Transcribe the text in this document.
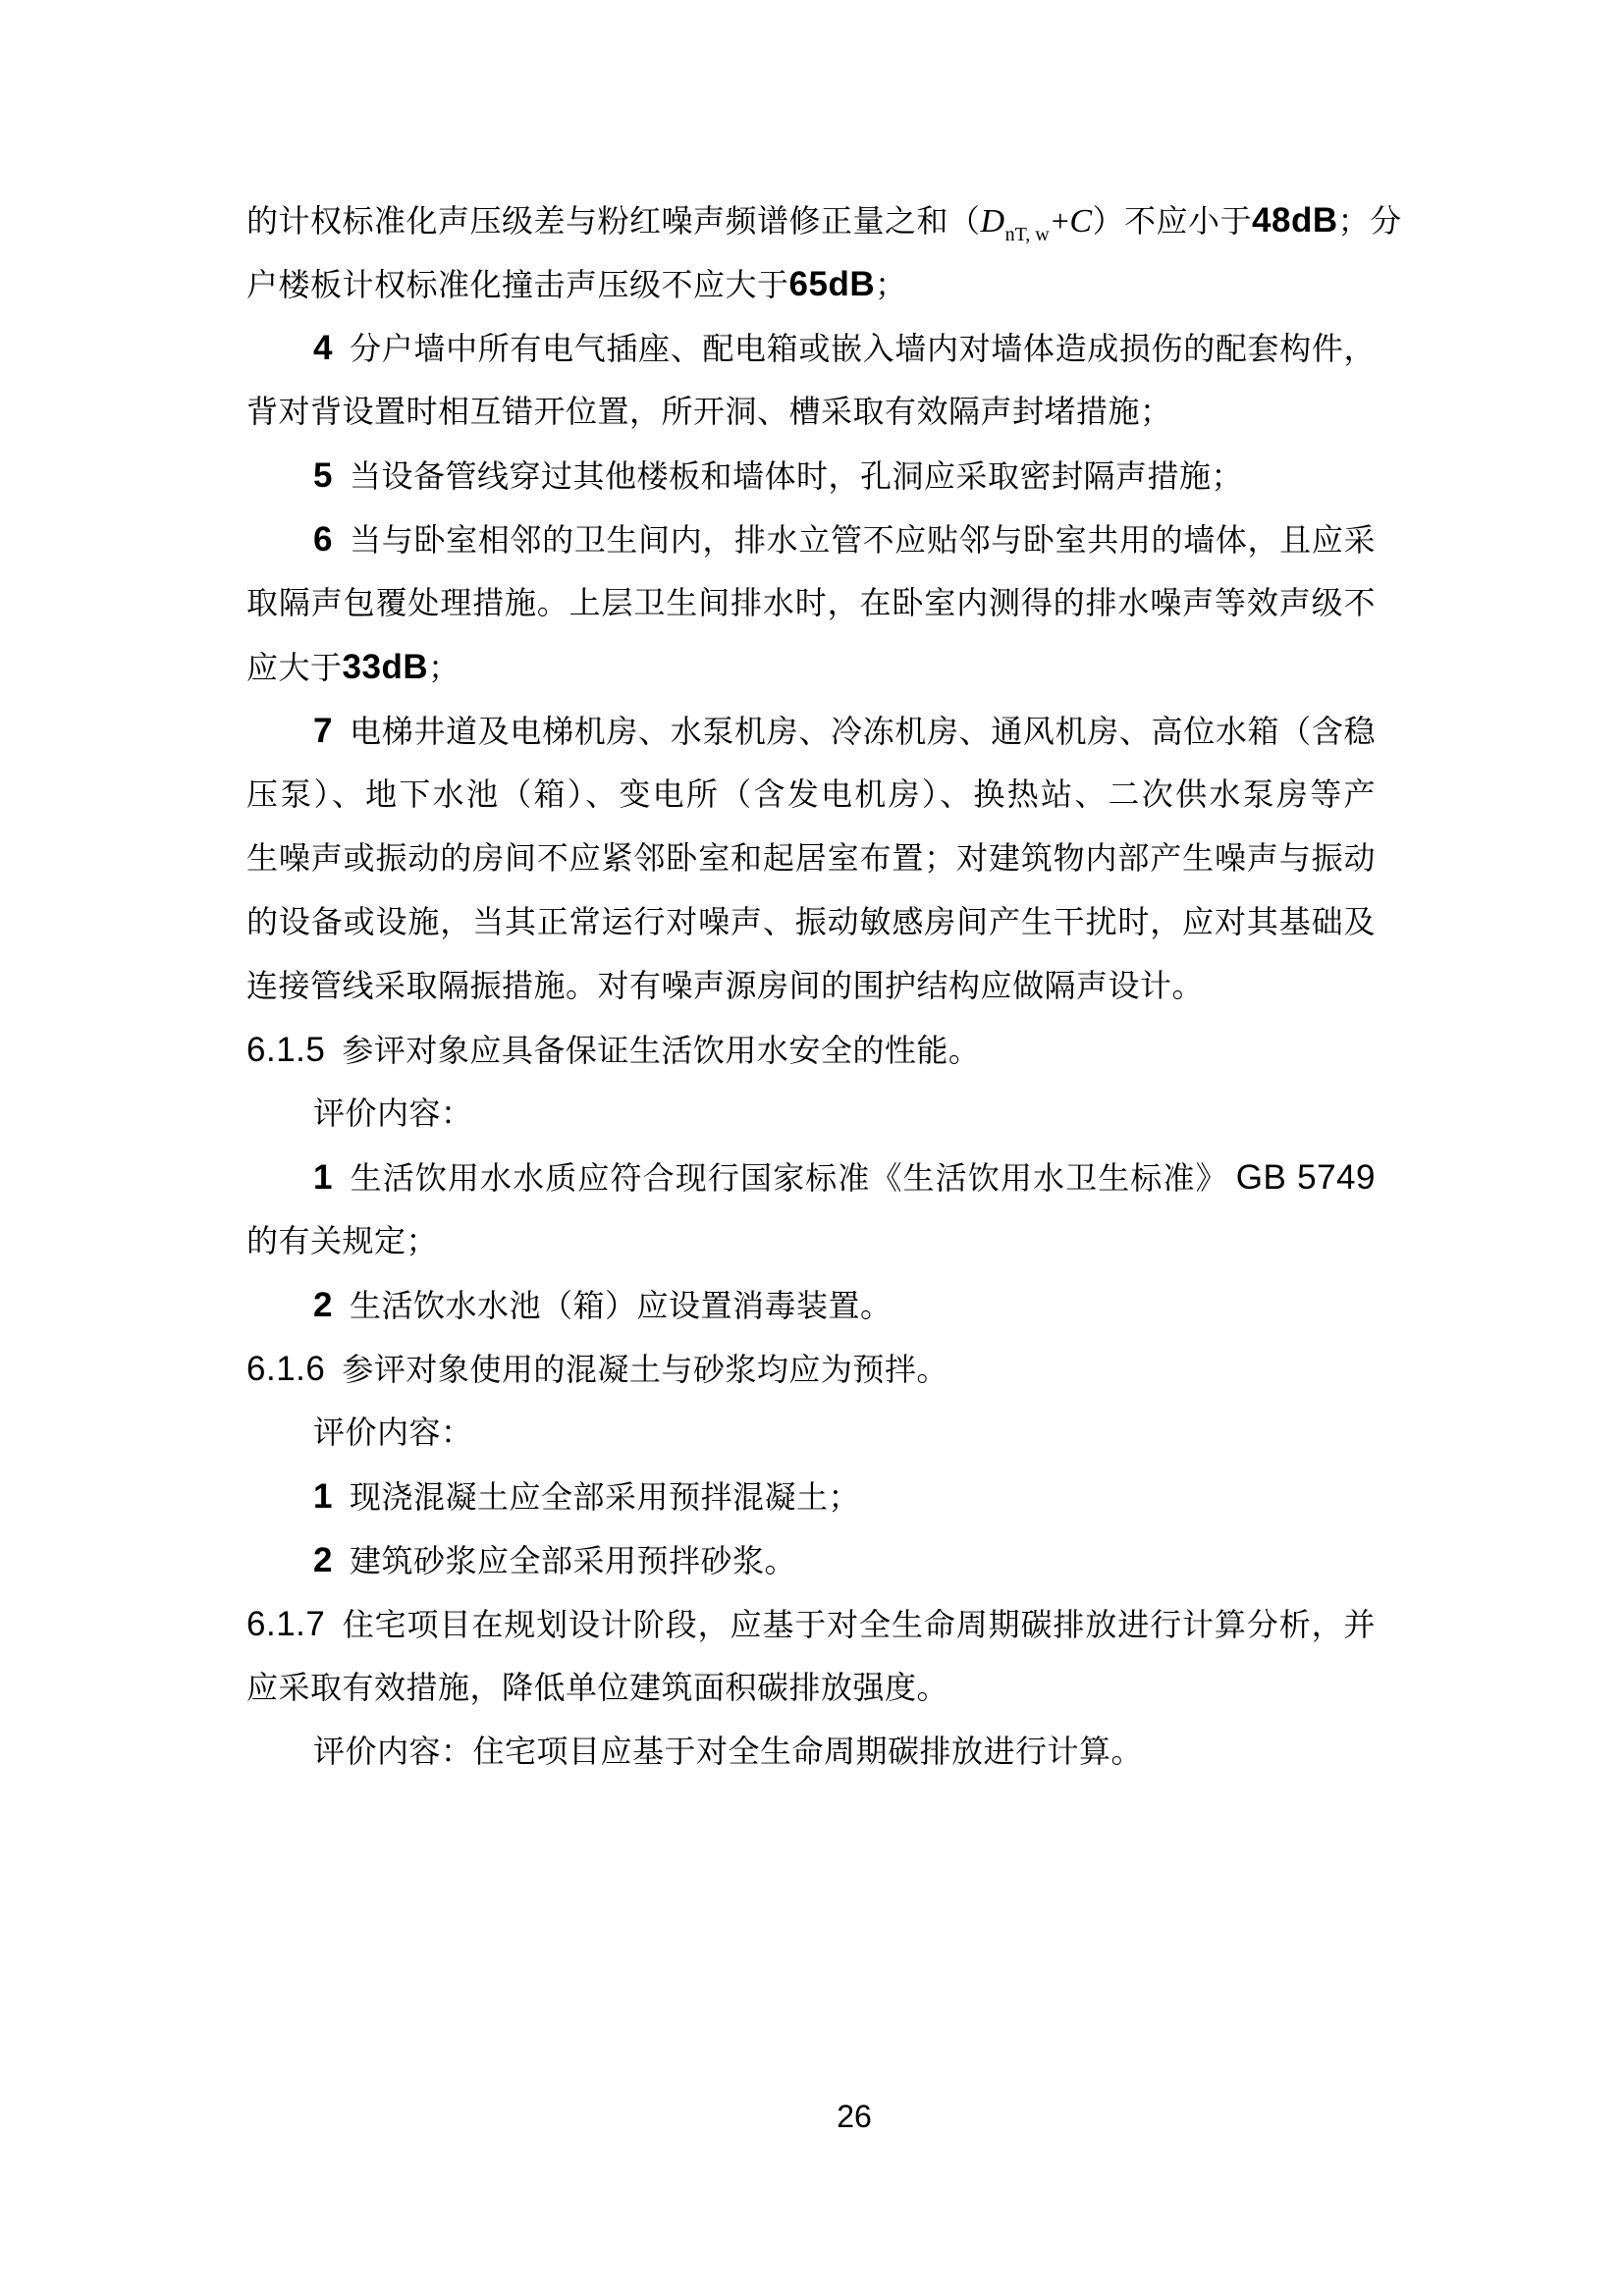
的计权标准化声压级差与粉红噪声频谱修正量之和$(D_{nT, w}+C)$不应小于48dB；分
户楼板计权标准化撞击声压级不应大于65dB；
4 分户墙中所有电气插座、配电箱或嵌入墙内对墙体造成损伤的配套构件，
背对背设置时相互错开位置，所开洞、槽采取有效隔声封堵措施；
5 当设备管线穿过其他楼板和墙体时，孔洞应采取密封隔声措施；
6 当与卧室相邻的卫生间内，排水立管不应贴邻与卧室共用的墙体，且应采
取隔声包覆处理措施。上层卫生间排水时，在卧室内测得的排水噪声等效声级不
应大于33dB；
7 电梯井道及电梯机房、水泵机房、冷冻机房、通风机房、高位水箱（含稳
压泵）、地下水池（箱）、变电所（含发电机房）、换热站、二次供水泵房等产
生噪声或振动的房间不应紧邻卧室和起居室布置；对建筑物内部产生噪声与振动
的设备或设施，当其正常运行对噪声、振动敏感房间产生干扰时，应对其基础及
连接管线采取隔振措施。对有噪声源房间的围护结构应做隔声设计。
6.1.5 参评对象应具备保证生活饮用水安全的性能。
评价内容：
1 生活饮用水水质应符合现行国家标准《生活饮用水卫生标准》 GB 5749
的有关规定；
2 生活饮水水池（箱）应设置消毒装置。
6.1.6 参评对象使用的混凝土与砂浆均应为预拌。
评价内容：
1 现浇混凝土应全部采用预拌混凝土；
2 建筑砂浆应全部采用预拌砂浆。
6.1.7 住宅项目在规划设计阶段，应基于对全生命周期碳排放进行计算分析，并
应采取有效措施，降低单位建筑面积碳排放强度。
评价内容：住宅项目应基于对全生命周期碳排放进行计算。
26
